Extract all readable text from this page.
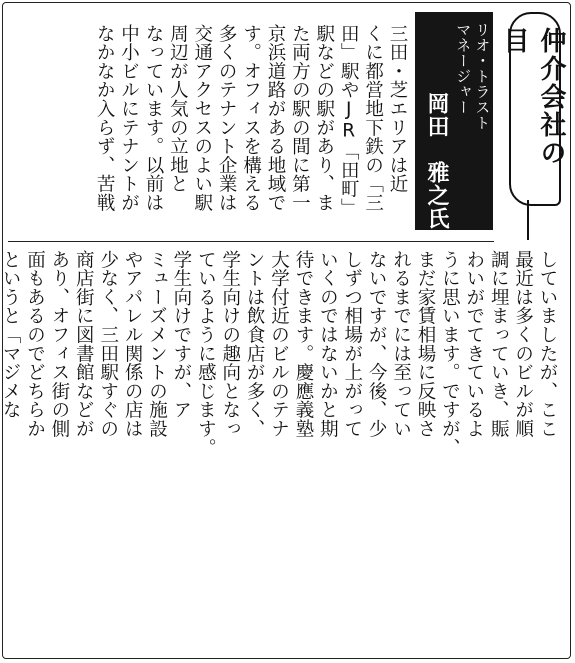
仲介会社の目
リオ・トラスト
マネージャー
岡田　雅之氏
三田・芝エリアは近
くに都営地下鉄の「三
田」駅やJR「田町」
駅などの駅があり、ま
た両方の駅の間に第一
京浜道路がある地域で
す。オフィスを構える
多くのテナント企業は
交通アクセスのよい駅
周辺が人気の立地と
なっています。以前は
中小ビルにテナントが
なかなか入らず、苦戦
していましたが、ここ
最近は多くのビルが順
調に埋まっていき、賑
わいがでてきているよ
うに思います。ですが、
まだ家賃相場に反映さ
れるまでには至ってい
ないですが、今後、少
しずつ相場が上がって
いくのではないかと期
待できます。慶應義塾
大学付近のビルのテナ
ントは飲食店が多く、
学生向けの趣向となっ
ているように感じます。
学生向けですが、ア
ミューズメントの施設
やアパレル関係の店は
少なく、三田駅すぐの
商店街に図書館などが
あり、オフィス街の側
面もあるのでどちらか
というと「マジメな
